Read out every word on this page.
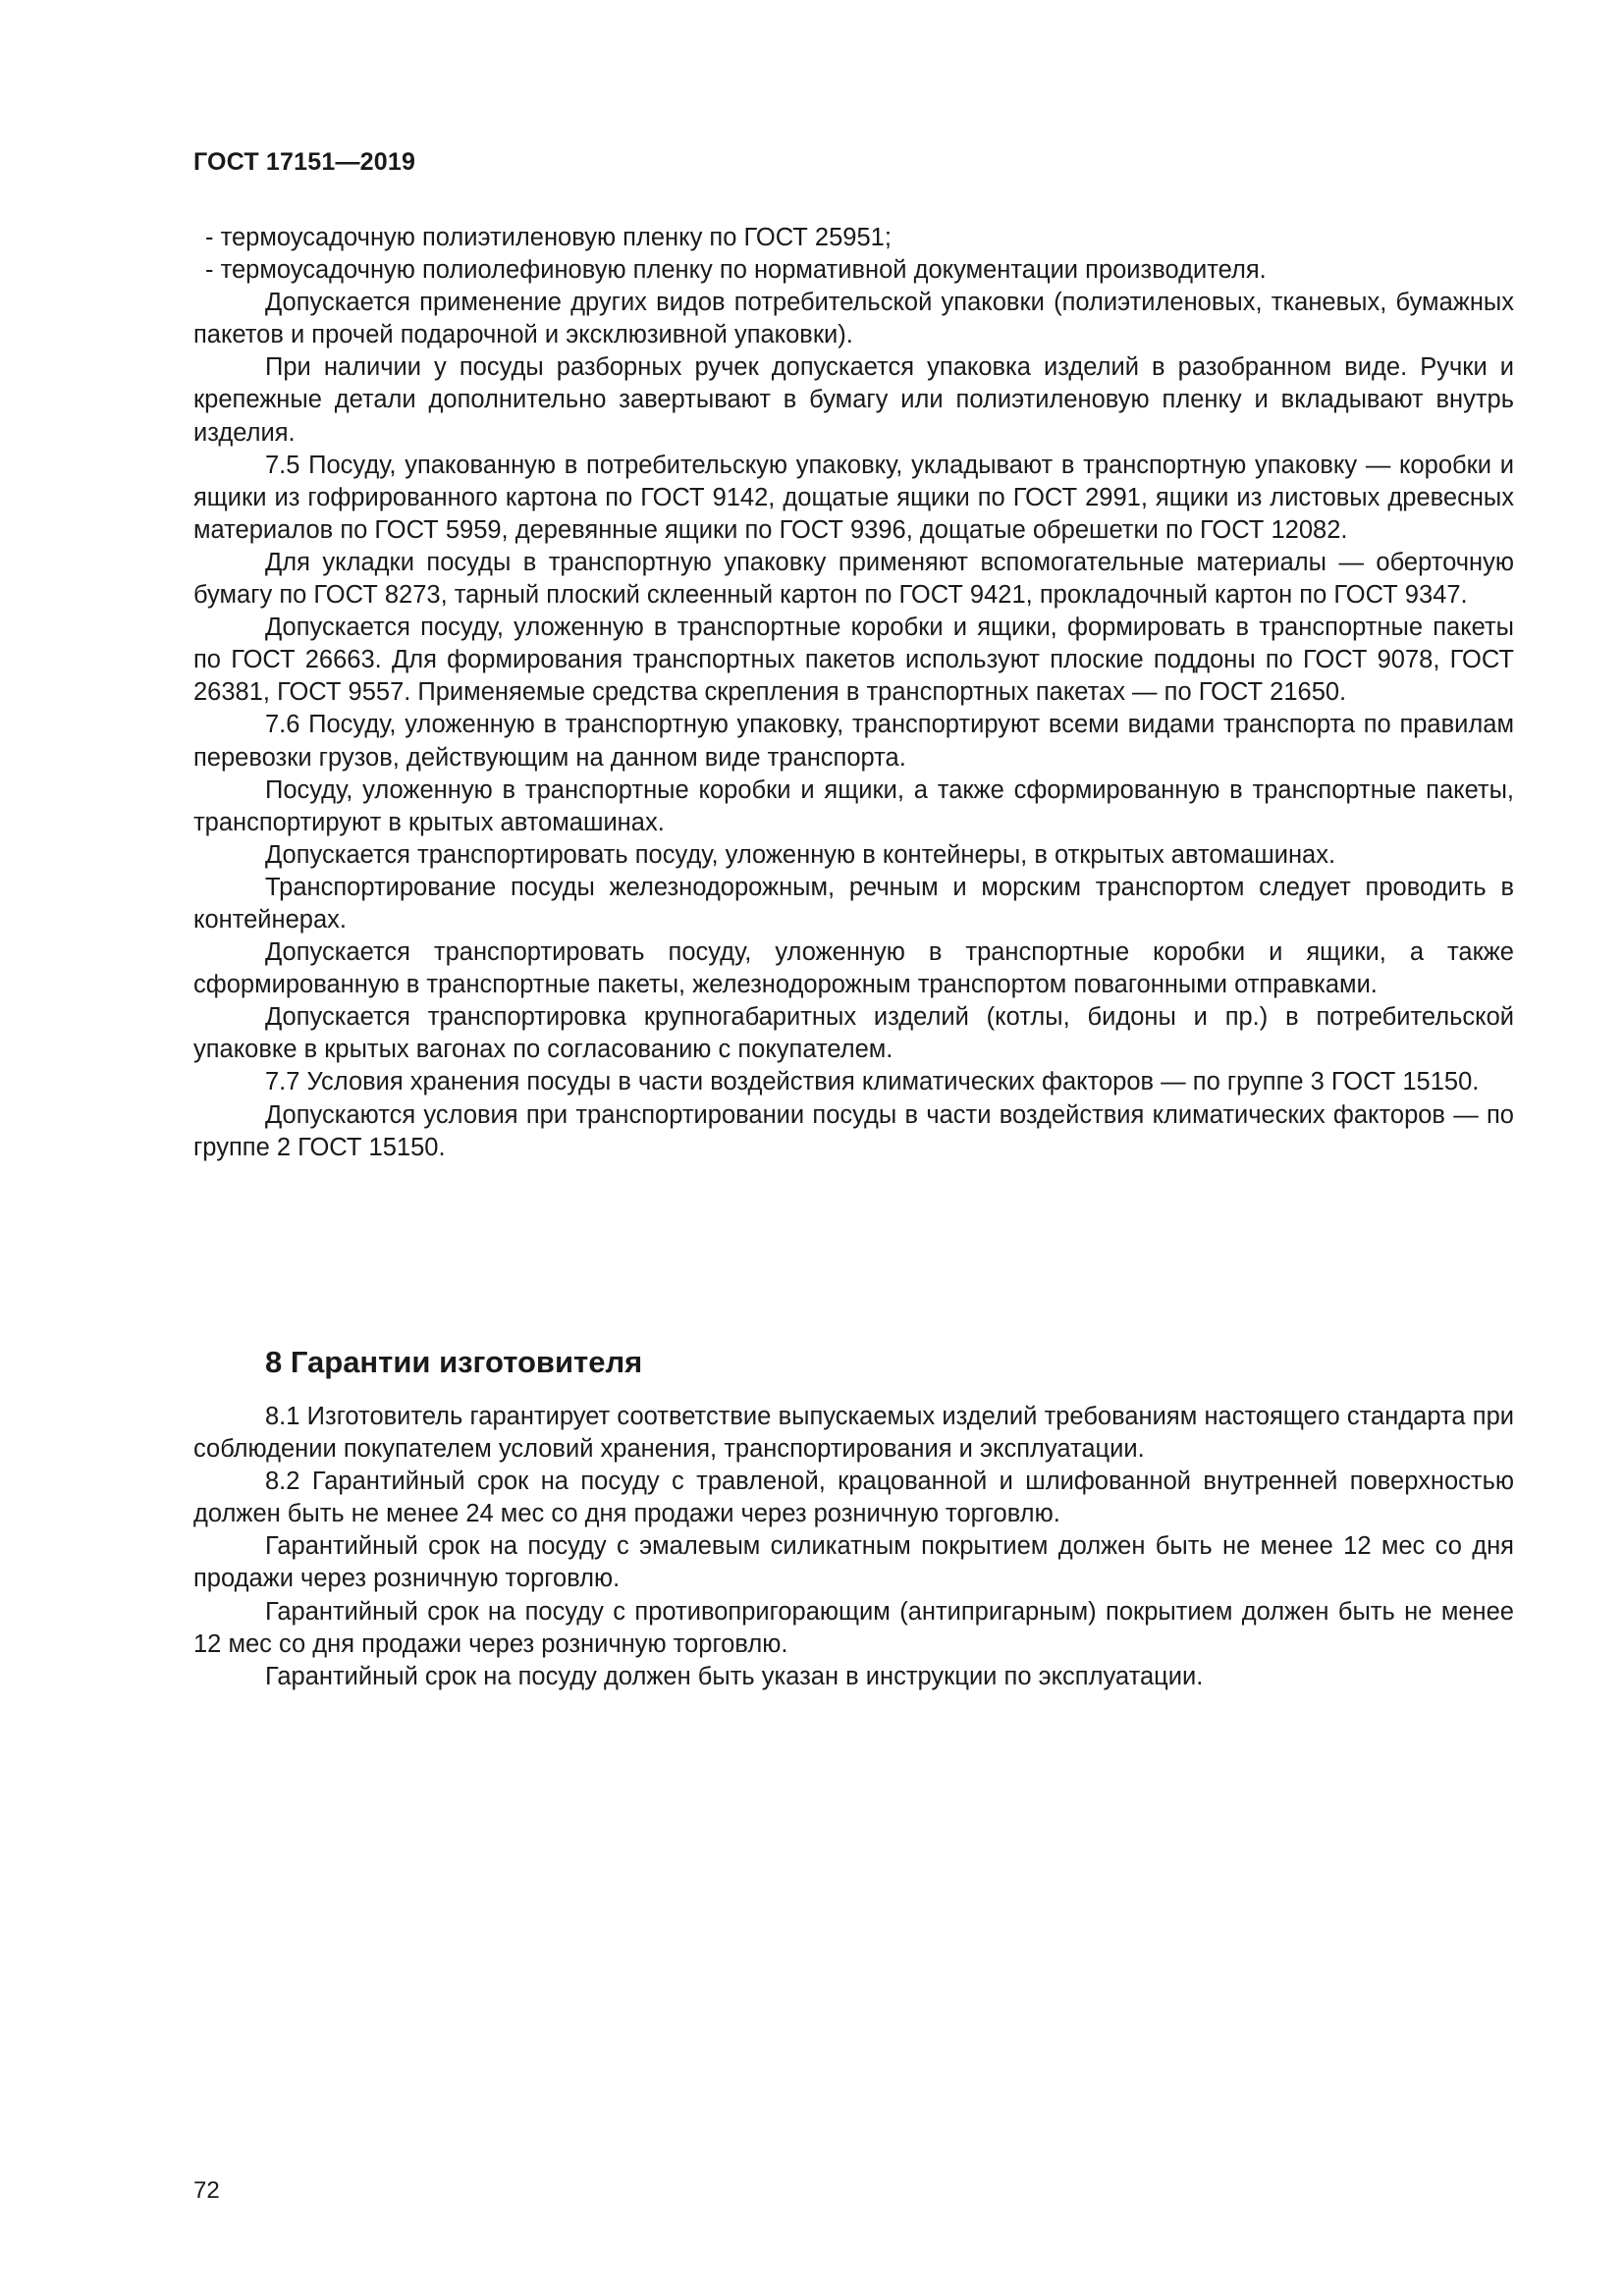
ГОСТ 17151—2019

- термоусадочную полиэтиленовую пленку по ГОСТ 25951;

- термоусадочную полиолефиновую пленку по нормативной документации производителя.

Допускается применение других видов потребительской упаковки (полиэтиленовых, тканевых, бумажных пакетов и прочей подарочной и эксклюзивной упаковки).

При наличии у посуды разборных ручек допускается упаковка изделий в разобранном виде. Ручки и крепежные детали дополнительно завертывают в бумагу или полиэтиленовую пленку и вкладывают внутрь изделия.

7.5 Посуду, упакованную в потребительскую упаковку, укладывают в транспортную упаковку — коробки и ящики из гофрированного картона по ГОСТ 9142, дощатые ящики по ГОСТ 2991, ящики из листовых древесных материалов по ГОСТ 5959, деревянные ящики по ГОСТ 9396, дощатые обрешетки по ГОСТ 12082.

Для укладки посуды в транспортную упаковку применяют вспомогательные материалы — оберточную бумагу по ГОСТ 8273, тарный плоский склеенный картон по ГОСТ 9421, прокладочный картон по ГОСТ 9347.

Допускается посуду, уложенную в транспортные коробки и ящики, формировать в транспортные пакеты по ГОСТ 26663. Для формирования транспортных пакетов используют плоские поддоны по ГОСТ 9078, ГОСТ 26381, ГОСТ 9557. Применяемые средства скрепления в транспортных пакетах — по ГОСТ 21650.

7.6 Посуду, уложенную в транспортную упаковку, транспортируют всеми видами транспорта по правилам перевозки грузов, действующим на данном виде транспорта.

Посуду, уложенную в транспортные коробки и ящики, а также сформированную в транспортные пакеты, транспортируют в крытых автомашинах.

Допускается транспортировать посуду, уложенную в контейнеры, в открытых автомашинах.

Транспортирование посуды железнодорожным, речным и морским транспортом следует проводить в контейнерах.

Допускается транспортировать посуду, уложенную в транспортные коробки и ящики, а также сформированную в транспортные пакеты, железнодорожным транспортом повагонными отправками.

Допускается транспортировка крупногабаритных изделий (котлы, бидоны и пр.) в потребительской упаковке в крытых вагонах по согласованию с покупателем.

7.7 Условия хранения посуды в части воздействия климатических факторов — по группе 3 ГОСТ 15150.

Допускаются условия при транспортировании посуды в части воздействия климатических факторов — по группе 2 ГОСТ 15150.

8 Гарантии изготовителя

8.1 Изготовитель гарантирует соответствие выпускаемых изделий требованиям настоящего стандарта при соблюдении покупателем условий хранения, транспортирования и эксплуатации.

8.2 Гарантийный срок на посуду с травленой, крацованной и шлифованной внутренней поверхностью должен быть не менее 24 мес со дня продажи через розничную торговлю.

Гарантийный срок на посуду с эмалевым силикатным покрытием должен быть не менее 12 мес со дня продажи через розничную торговлю.

Гарантийный срок на посуду с противопригорающим (антипригарным) покрытием должен быть не менее 12 мес со дня продажи через розничную торговлю.

Гарантийный срок на посуду должен быть указан в инструкции по эксплуатации.

72
